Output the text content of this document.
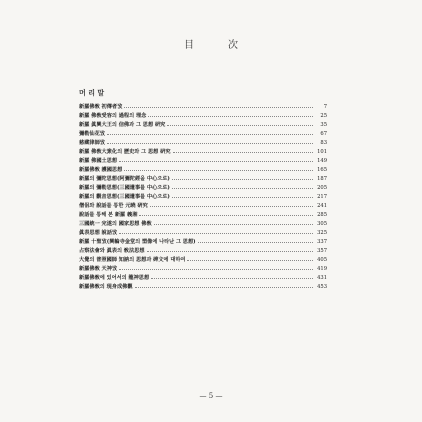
目	次
머 리 말
新羅佛敎 初傳者攷	7
新羅 佛敎受容의 過程의 理念	25
新羅 眞興大王의 信佛과 그 思想 硏究	35
彌勒仙花攷	67
慈藏律師攷	83
新羅 佛敎大衆化의 歷史와 그 思想 硏究	101
新羅 佛國土思想	149
新羅佛敎 護國思想	165
新羅의 彌陀思想(阿彌陀經을 中心으로)	187
新羅의 彌勒思想(三國遺事를 中心으로)	205
新羅의 觀音思想(三國遺事를 中心으로)	217
僧侶와 說話를 통한 元曉 硏究	241
說話를 통해 본 新羅 義湘	285
三國統一 完遂의 國家思想 佛敎	305
眞表思想 說話攷	325
新羅 十聖攷(興輪寺金堂의 塑像에 나타난 그 思想)	337
占察法會와 眞表의 敎法思想	357
大覺의 普照國師 知訥의 思想과 碑文에 대하여	405
新羅佛敎 天神攷	419
新羅佛敎에 있어서의 龍神思想	431
新羅佛敎의 現身成佛觀	453
— 5 —
